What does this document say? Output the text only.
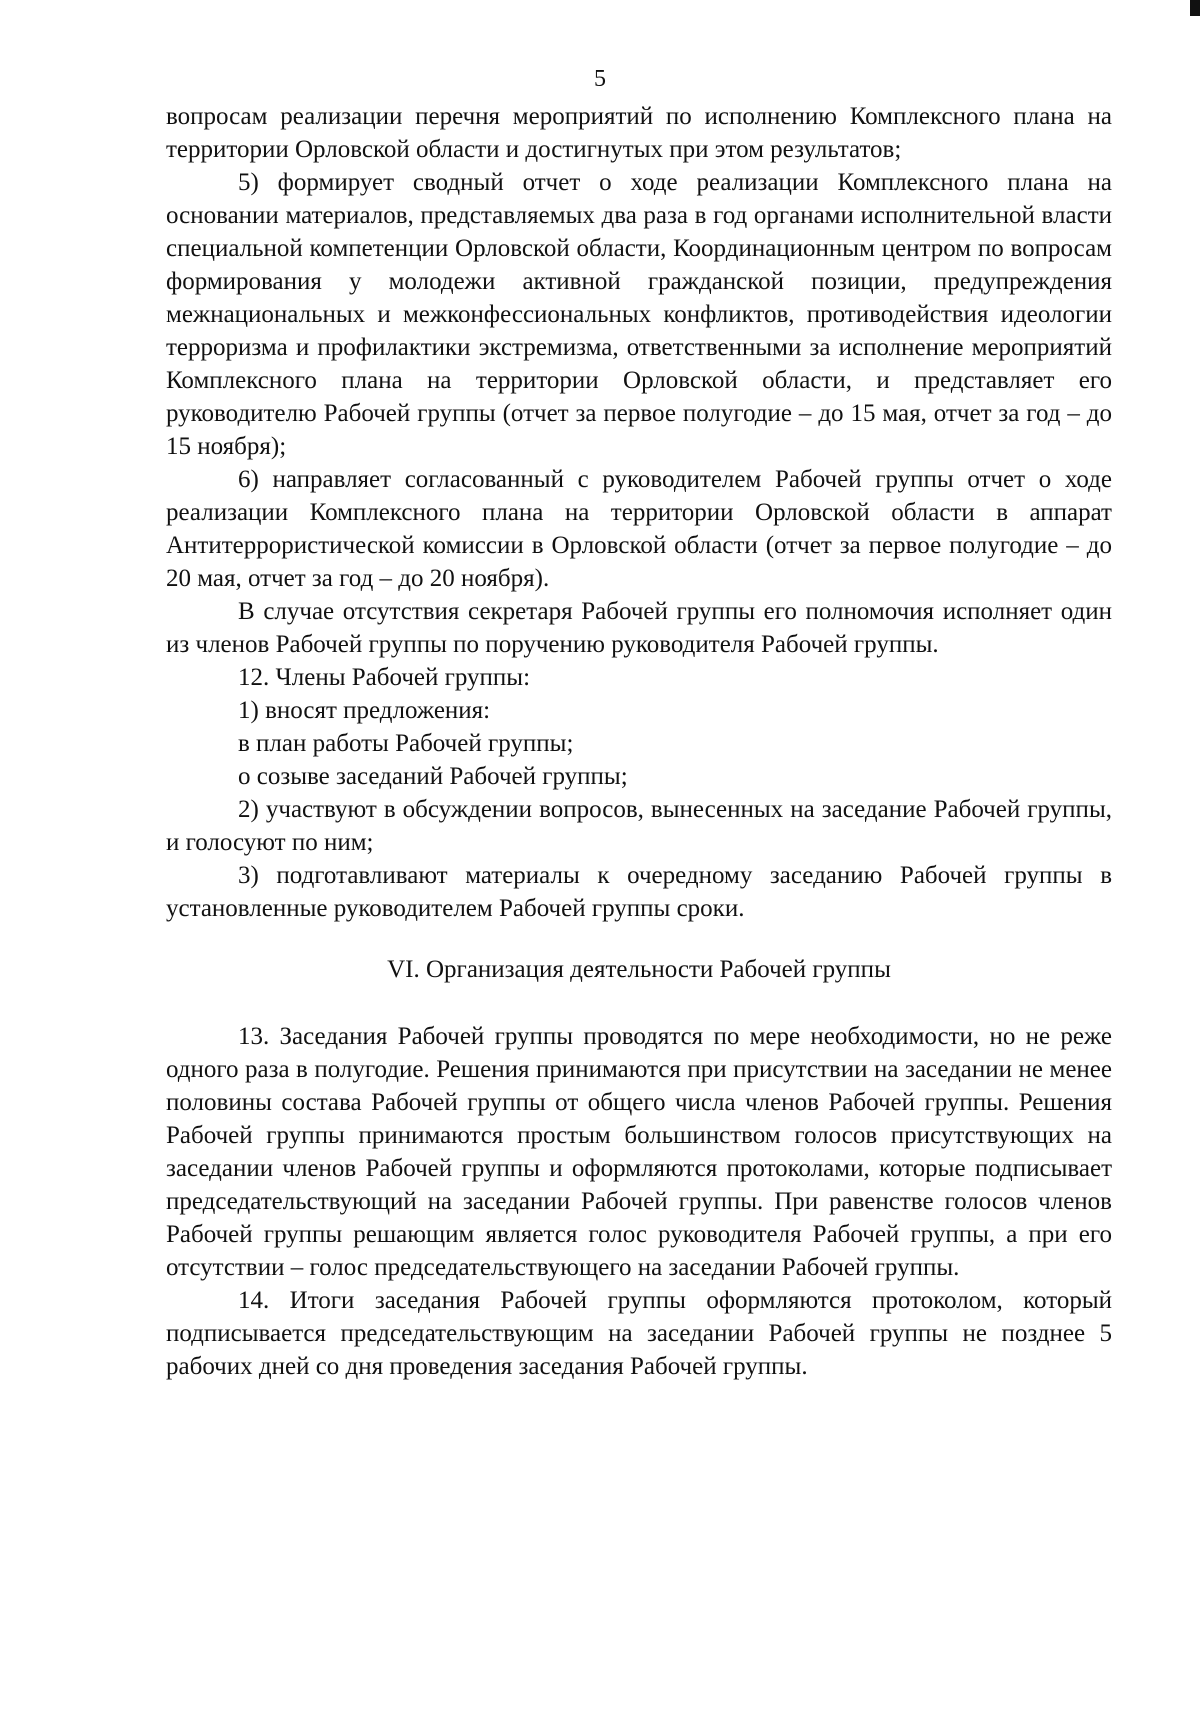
5

вопросам реализации перечня мероприятий по исполнению Комплексного плана на территории Орловской области и достигнутых при этом результатов;

5) формирует сводный отчет о ходе реализации Комплексного плана на основании материалов, представляемых два раза в год органами исполнительной власти специальной компетенции Орловской области, Координационным центром по вопросам формирования у молодежи активной гражданской позиции, предупреждения межнациональных и межконфессиональных конфликтов, противодействия идеологии терроризма и профилактики экстремизма, ответственными за исполнение мероприятий Комплексного плана на территории Орловской области, и представляет его руководителю Рабочей группы (отчет за первое полугодие – до 15 мая, отчет за год – до 15 ноября);

6) направляет согласованный с руководителем Рабочей группы отчет о ходе реализации Комплексного плана на территории Орловской области в аппарат Антитеррористической комиссии в Орловской области (отчет за первое полугодие – до 20 мая, отчет за год – до 20 ноября).

В случае отсутствия секретаря Рабочей группы его полномочия исполняет один из членов Рабочей группы по поручению руководителя Рабочей группы.

12. Члены Рабочей группы:

1) вносят предложения:

в план работы Рабочей группы;

о созыве заседаний Рабочей группы;

2) участвуют в обсуждении вопросов, вынесенных на заседание Рабочей группы, и голосуют по ним;

3) подготавливают материалы к очередному заседанию Рабочей группы в установленные руководителем Рабочей группы сроки.

VI. Организация деятельности Рабочей группы

13. Заседания Рабочей группы проводятся по мере необходимости, но не реже одного раза в полугодие. Решения принимаются при присутствии на заседании не менее половины состава Рабочей группы от общего числа членов Рабочей группы. Решения Рабочей группы принимаются простым большинством голосов присутствующих на заседании членов Рабочей группы и оформляются протоколами, которые подписывает председательствующий на заседании Рабочей группы. При равенстве голосов членов Рабочей группы решающим является голос руководителя Рабочей группы, а при его отсутствии – голос председательствующего на заседании Рабочей группы.

14. Итоги заседания Рабочей группы оформляются протоколом, который подписывается председательствующим на заседании Рабочей группы не позднее 5 рабочих дней со дня проведения заседания Рабочей группы.
